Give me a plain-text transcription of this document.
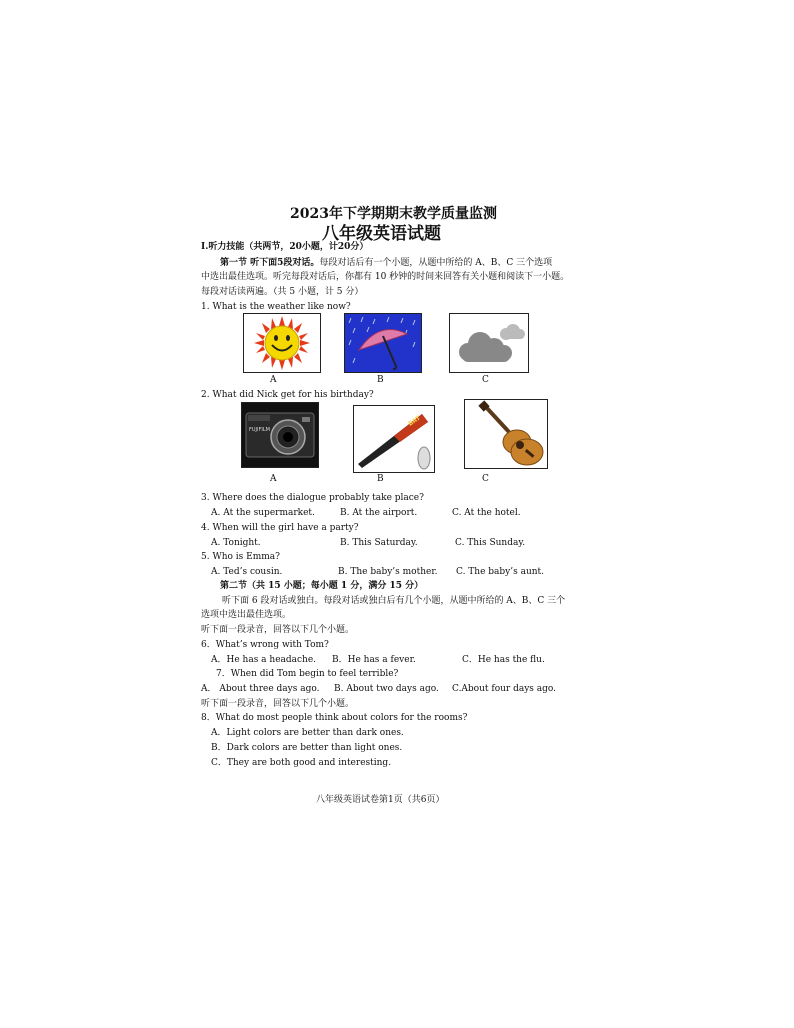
2023年下学期期末教学质量监测
八年级英语试题
Ⅰ.听力技能（共两节，20小题，计20分）
第一节 听下面5段对话。每段对话后有一个小题，从题中所给的 A、B、C 三个选项
中选出最佳选项。听完每段对话后，你都有 10 秒钟的时间来回答有关小题和阅读下一小题。
每段对话读两遍。（共 5 小题，计 5 分）
1. What is the weather like now?
A	B	C
2. What did Nick get for his birthday?
FUJIFILM
BAT
A	B	C
3. Where does the dialogue probably take place?
A. At the supermarket.	B. At the airport.	C. At the hotel.
4. When will the girl have a party?
A. Tonight.	B. This Saturday.	C. This Sunday.
5. Who is Emma?
A. Ted’s cousin.	B. The baby’s mother. C. The baby’s aunt.
第二节（共 15 小题；每小题 1 分，满分 15 分）
听下面 6 段对话或独白。每段对话或独白后有几个小题，从题中所给的 A、B、C 三个
选项中选出最佳选项。
听下面一段录音，回答以下几个小题。
6．What’s wrong with Tom?
A．He has a headache. B．He has a fever.	C．He has the flu.
7．When did Tom begin to feel terrible?
A． About three days ago. B. About two days ago. C.About four days ago.
听下面一段录音，回答以下几个小题。
8．What do most people think about colors for the rooms?
A．Light colors are better than dark ones.
B．Dark colors are better than light ones.
C．They are both good and interesting.
八年级英语试卷第1页（共6页）
